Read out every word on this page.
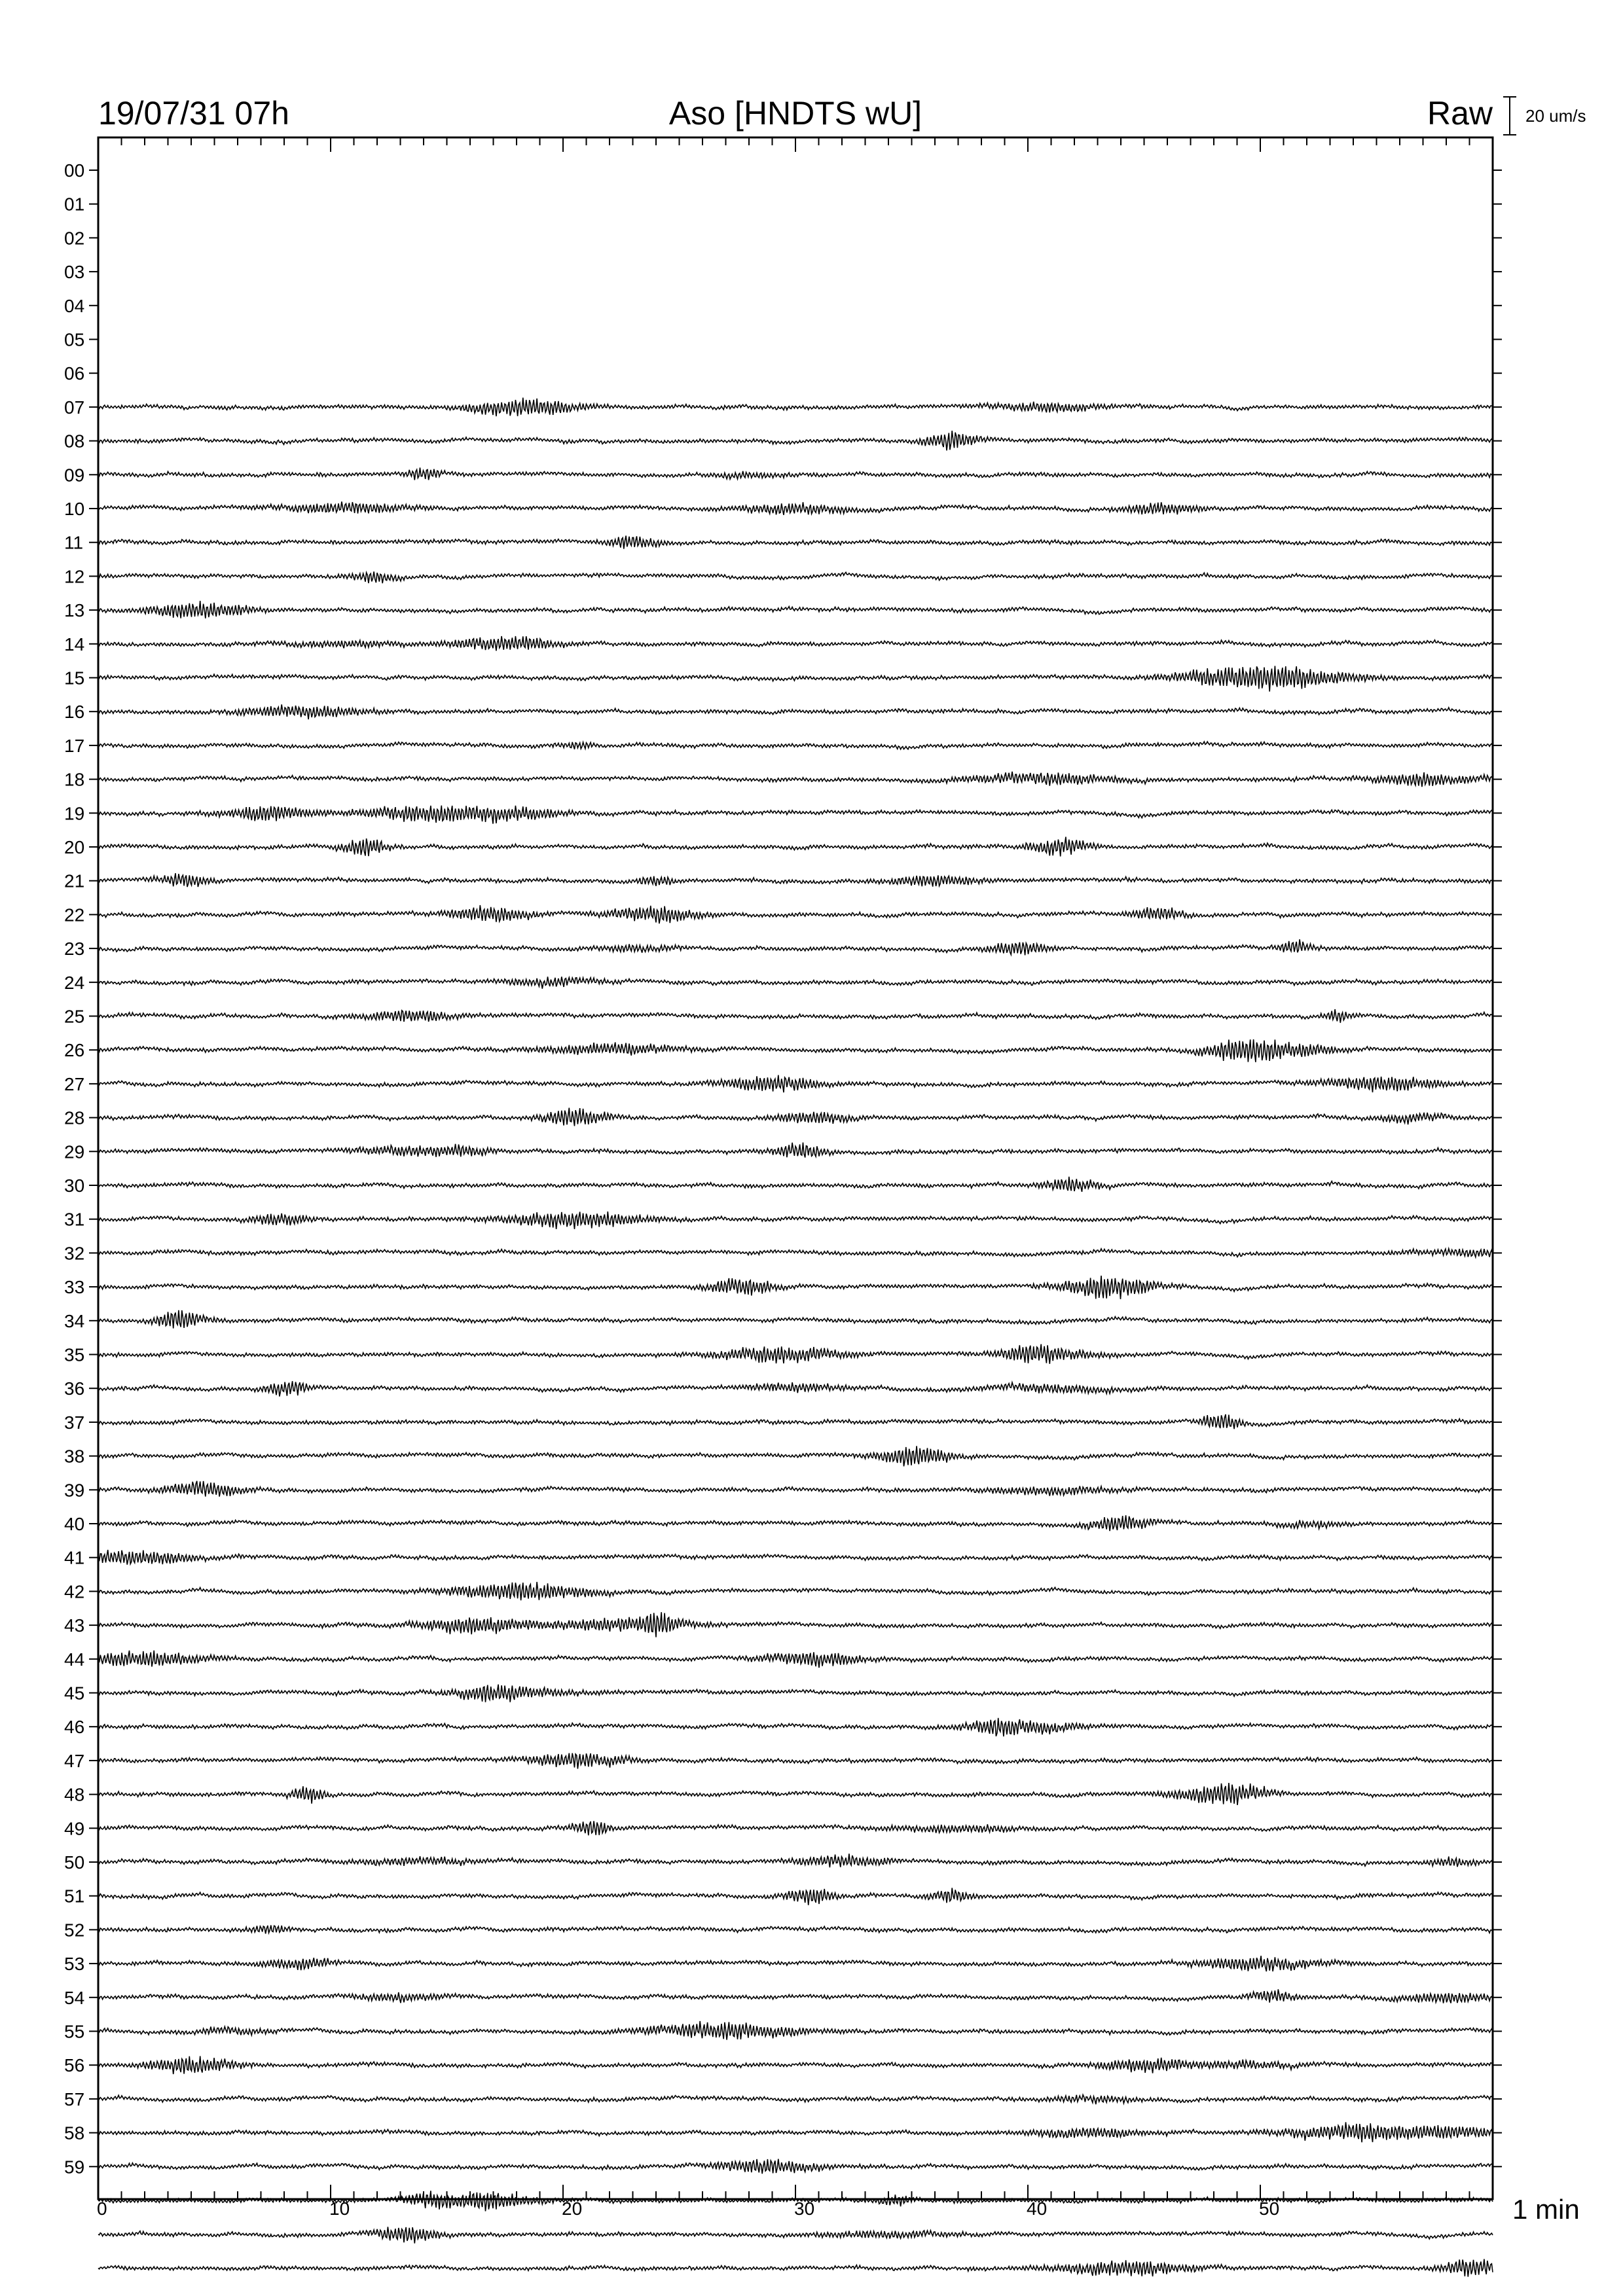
19/07/31 07h	Aso [HNDTS wU]	Raw 20 um/s
00
01
02
03
04
05
06
07
08
09
10
11
12
13
14
15
16
17
18
19
20
21
22
23
24
25
26
27
28
29
30
31
32
33
34
35
36
37
38
39
40
41
42
43
44
45
46
47
48
49
50
51
52
53
54
55
56
57
58
59
0	10	20	30	40	50	1 min
